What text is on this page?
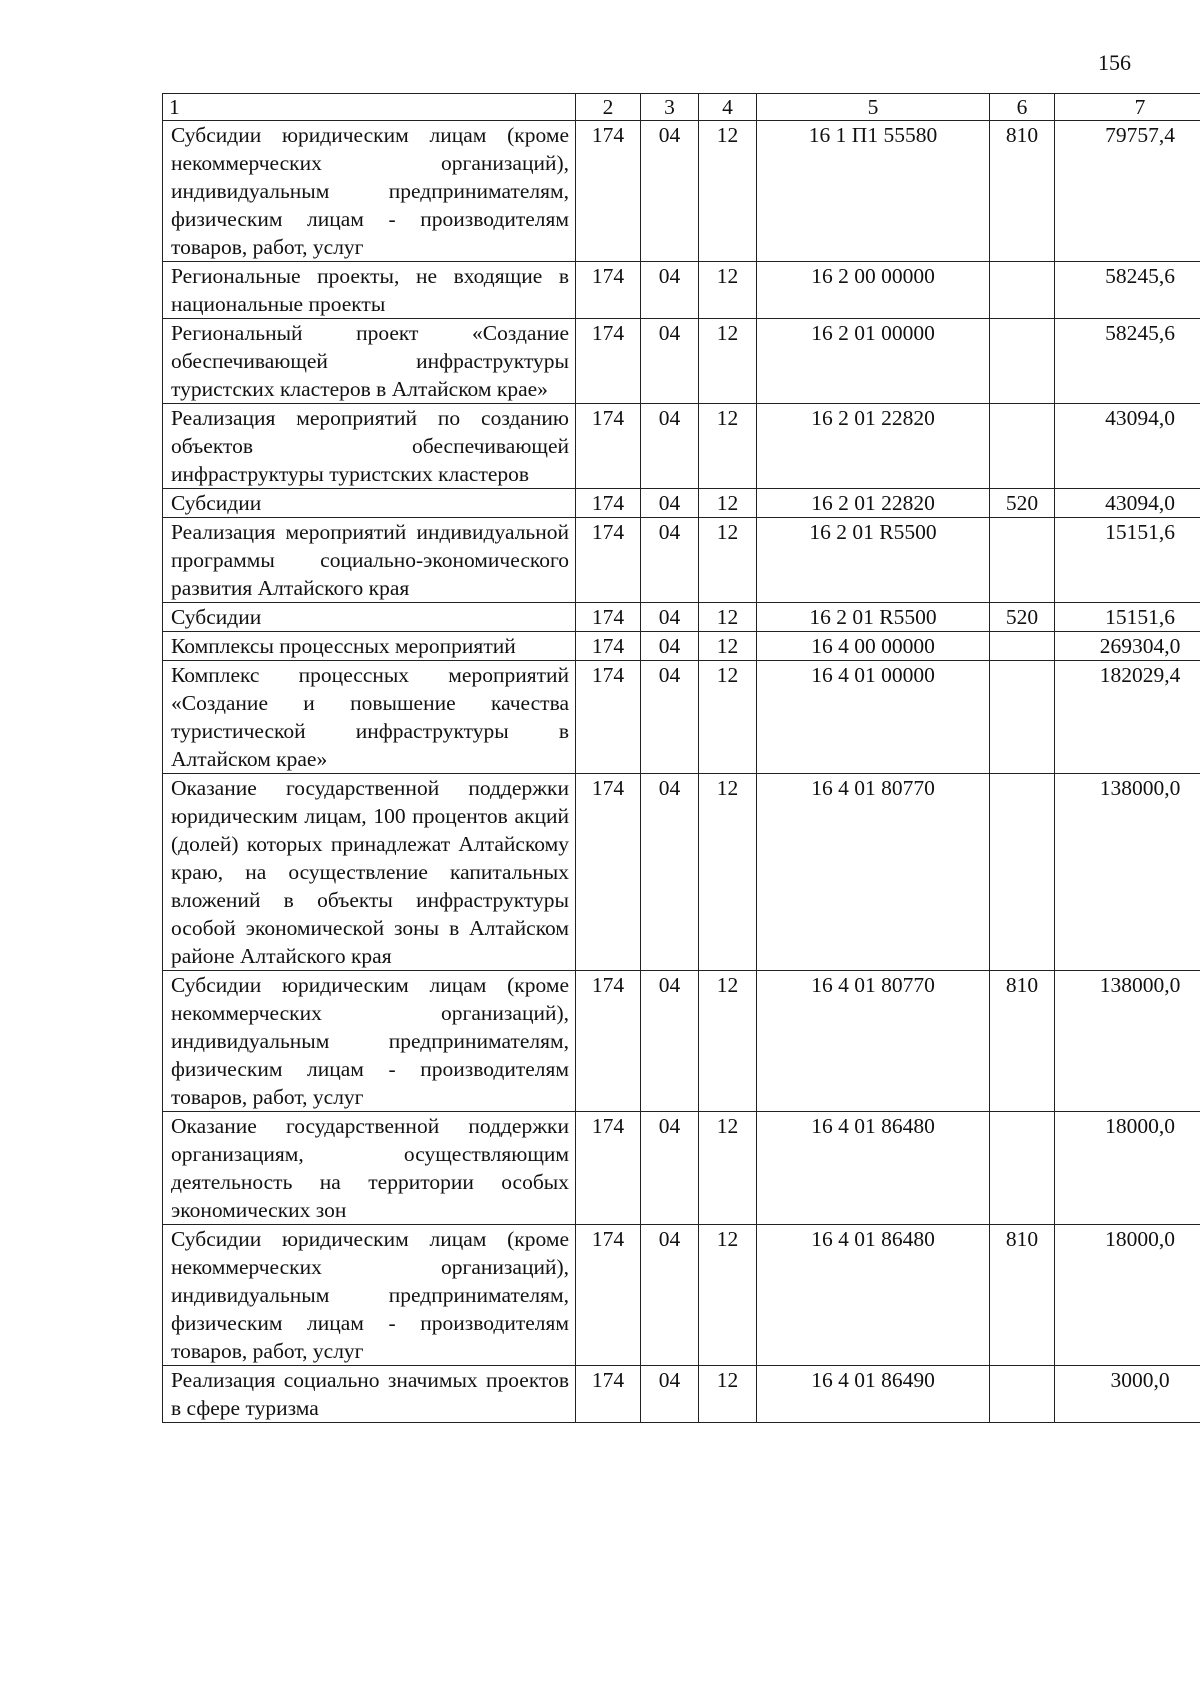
156
1	2	3	4	5	6	7
Субсидии юридическим лицам (кроме некоммерческих организаций), индивидуальным предпринимателям, физическим лицам - производителям товаров, работ, услуг	174	04	12	16 1 П1 55580	810	79757,4
Региональные проекты, не входящие в национальные проекты	174	04	12	16 2 00 00000		58245,6
Региональный проект «Создание обеспечивающей инфраструктуры туристских кластеров в Алтайском крае»	174	04	12	16 2 01 00000		58245,6
Реализация мероприятий по созданию объектов обеспечивающей инфраструктуры туристских кластеров	174	04	12	16 2 01 22820		43094,0
Субсидии	174	04	12	16 2 01 22820	520	43094,0
Реализация мероприятий индивидуальной программы социально-экономического развития Алтайского края	174	04	12	16 2 01 R5500		15151,6
Субсидии	174	04	12	16 2 01 R5500	520	15151,6
Комплексы процессных мероприятий	174	04	12	16 4 00 00000		269304,0
Комплекс процессных мероприятий «Создание и повышение качества туристической инфраструктуры в Алтайском крае»	174	04	12	16 4 01 00000		182029,4
Оказание государственной поддержки юридическим лицам, 100 процентов акций (долей) которых принадлежат Алтайскому краю, на осуществление капитальных вложений в объекты инфраструктуры особой экономической зоны в Алтайском районе Алтайского края	174	04	12	16 4 01 80770		138000,0
Субсидии юридическим лицам (кроме некоммерческих организаций), индивидуальным предпринимателям, физическим лицам - производителям товаров, работ, услуг	174	04	12	16 4 01 80770	810	138000,0
Оказание государственной поддержки организациям, осуществляющим деятельность на территории особых экономических зон	174	04	12	16 4 01 86480		18000,0
Субсидии юридическим лицам (кроме некоммерческих организаций), индивидуальным предпринимателям, физическим лицам - производителям товаров, работ, услуг	174	04	12	16 4 01 86480	810	18000,0
Реализация социально значимых проектов в сфере туризма	174	04	12	16 4 01 86490		3000,0
